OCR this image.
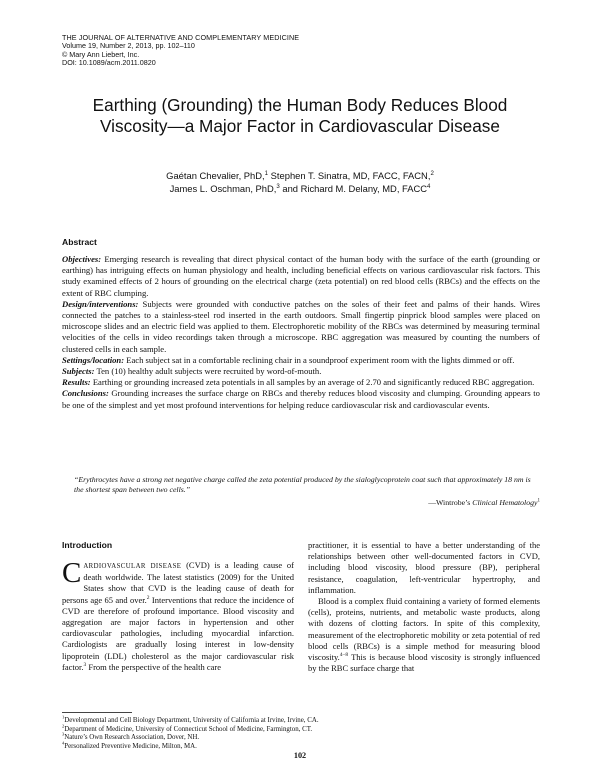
THE JOURNAL OF ALTERNATIVE AND COMPLEMENTARY MEDICINE
Volume 19, Number 2, 2013, pp. 102–110
© Mary Ann Liebert, Inc.
DOI: 10.1089/acm.2011.0820
Earthing (Grounding) the Human Body Reduces Blood
Viscosity—a Major Factor in Cardiovascular Disease
Gaétan Chevalier, PhD,$^1$ Stephen T. Sinatra, MD, FACC, FACN,$^2$
James L. Oschman, PhD,$^3$ and Richard M. Delany, MD, FACC$^4$
Abstract

Objectives: Emerging research is revealing that direct physical contact of the human body with the surface of the earth (grounding or earthing) has intriguing effects on human physiology and health, including beneficial effects on various cardiovascular risk factors. This study examined effects of 2 hours of grounding on the electrical charge (zeta potential) on red blood cells (RBCs) and the effects on the extent of RBC clumping.

Design/interventions: Subjects were grounded with conductive patches on the soles of their feet and palms of their hands. Wires connected the patches to a stainless-steel rod inserted in the earth outdoors. Small fingertip pinprick blood samples were placed on microscope slides and an electric field was applied to them. Electrophoretic mobility of the RBCs was determined by measuring terminal velocities of the cells in video recordings taken through a microscope. RBC aggregation was measured by counting the numbers of clustered cells in each sample.

Settings/location: Each subject sat in a comfortable reclining chair in a soundproof experiment room with the lights dimmed or off.

Subjects: Ten (10) healthy adult subjects were recruited by word-of-mouth.

Results: Earthing or grounding increased zeta potentials in all samples by an average of 2.70 and significantly reduced RBC aggregation.

Conclusions: Grounding increases the surface charge on RBCs and thereby reduces blood viscosity and clumping. Grounding appears to be one of the simplest and yet most profound interventions for helping reduce cardiovascular risk and cardiovascular events.

“Erythrocytes have a strong net negative charge called the zeta potential produced by the sialoglycoprotein coat such that approximately 18 nm is the shortest span between two cells.”
—Wintrobe’s Clinical Hematology$^1$
Introduction

CARDIOVASCULAR DISEASE (CVD) is a leading cause of death worldwide. The latest statistics (2009) for the United States show that CVD is the leading cause of death for persons age 65 and over.$^2$ Interventions that reduce the incidence of CVD are therefore of profound importance. Blood viscosity and aggregation are major factors in hypertension and other cardiovascular pathologies, including myocardial infarction. Cardiologists are gradually losing interest in low-density lipoprotein (LDL) cholesterol as the major cardiovascular risk factor.$^3$ From the perspective of the health care

practitioner, it is essential to have a better understanding of the relationships between other well-documented factors in CVD, including blood viscosity, blood pressure (BP), peripheral resistance, coagulation, left-ventricular hypertrophy, and inflammation.

Blood is a complex fluid containing a variety of formed elements (cells), proteins, nutrients, and metabolic waste products, along with dozens of clotting factors. In spite of this complexity, measurement of the electrophoretic mobility or zeta potential of red blood cells (RBCs) is a simple method for measuring blood viscosity.$^{4-8}$ This is because blood viscosity is strongly influenced by the RBC surface charge that

$^1$Developmental and Cell Biology Department, University of California at Irvine, Irvine, CA.
$^2$Department of Medicine, University of Connecticut School of Medicine, Farmington, CT.
$^3$Nature’s Own Research Association, Dover, NH.
$^4$Personalized Preventive Medicine, Milton, MA.
102
